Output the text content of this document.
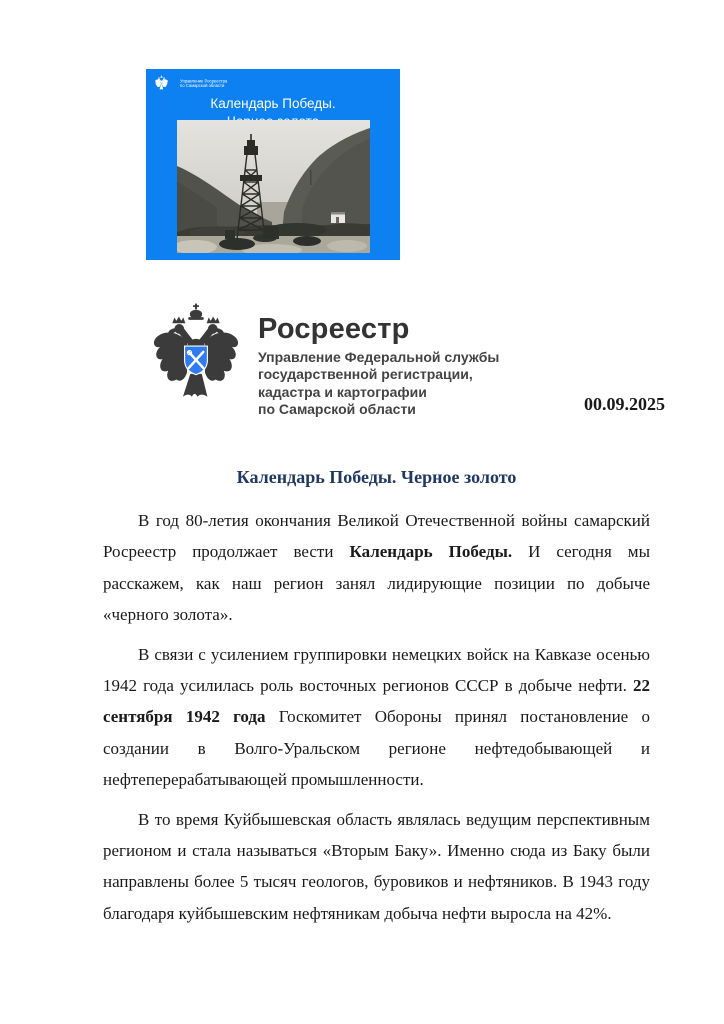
Управление Росреестра
по Самарской области
Календарь Победы.
Росреестр
Управление Федеральной службы
государственной регистрации,
кадастра и картографии
по Самарской области	00.09.2025
Календарь Победы. Черное золото

В год 80-летия окончания Великой Отечественной войны самарский Росреестр продолжает вести Календарь Победы. И сегодня мы расскажем, как наш регион занял лидирующие позиции по добыче «черного золота».

В связи с усилением группировки немецких войск на Кавказе осенью 1942 года усилилась роль восточных регионов СССР в добыче нефти. 22 сентября 1942 года Госкомитет Обороны принял постановление о создании в Волго-Уральском регионе нефтедобывающей и нефтеперерабатывающей промышленности.

В то время Куйбышевская область являлась ведущим перспективным регионом и стала называться «Вторым Баку». Именно сюда из Баку были направлены более 5 тысяч геологов, буровиков и нефтяников. В 1943 году благодаря куйбышевским нефтяникам добыча нефти выросла на 42%.
